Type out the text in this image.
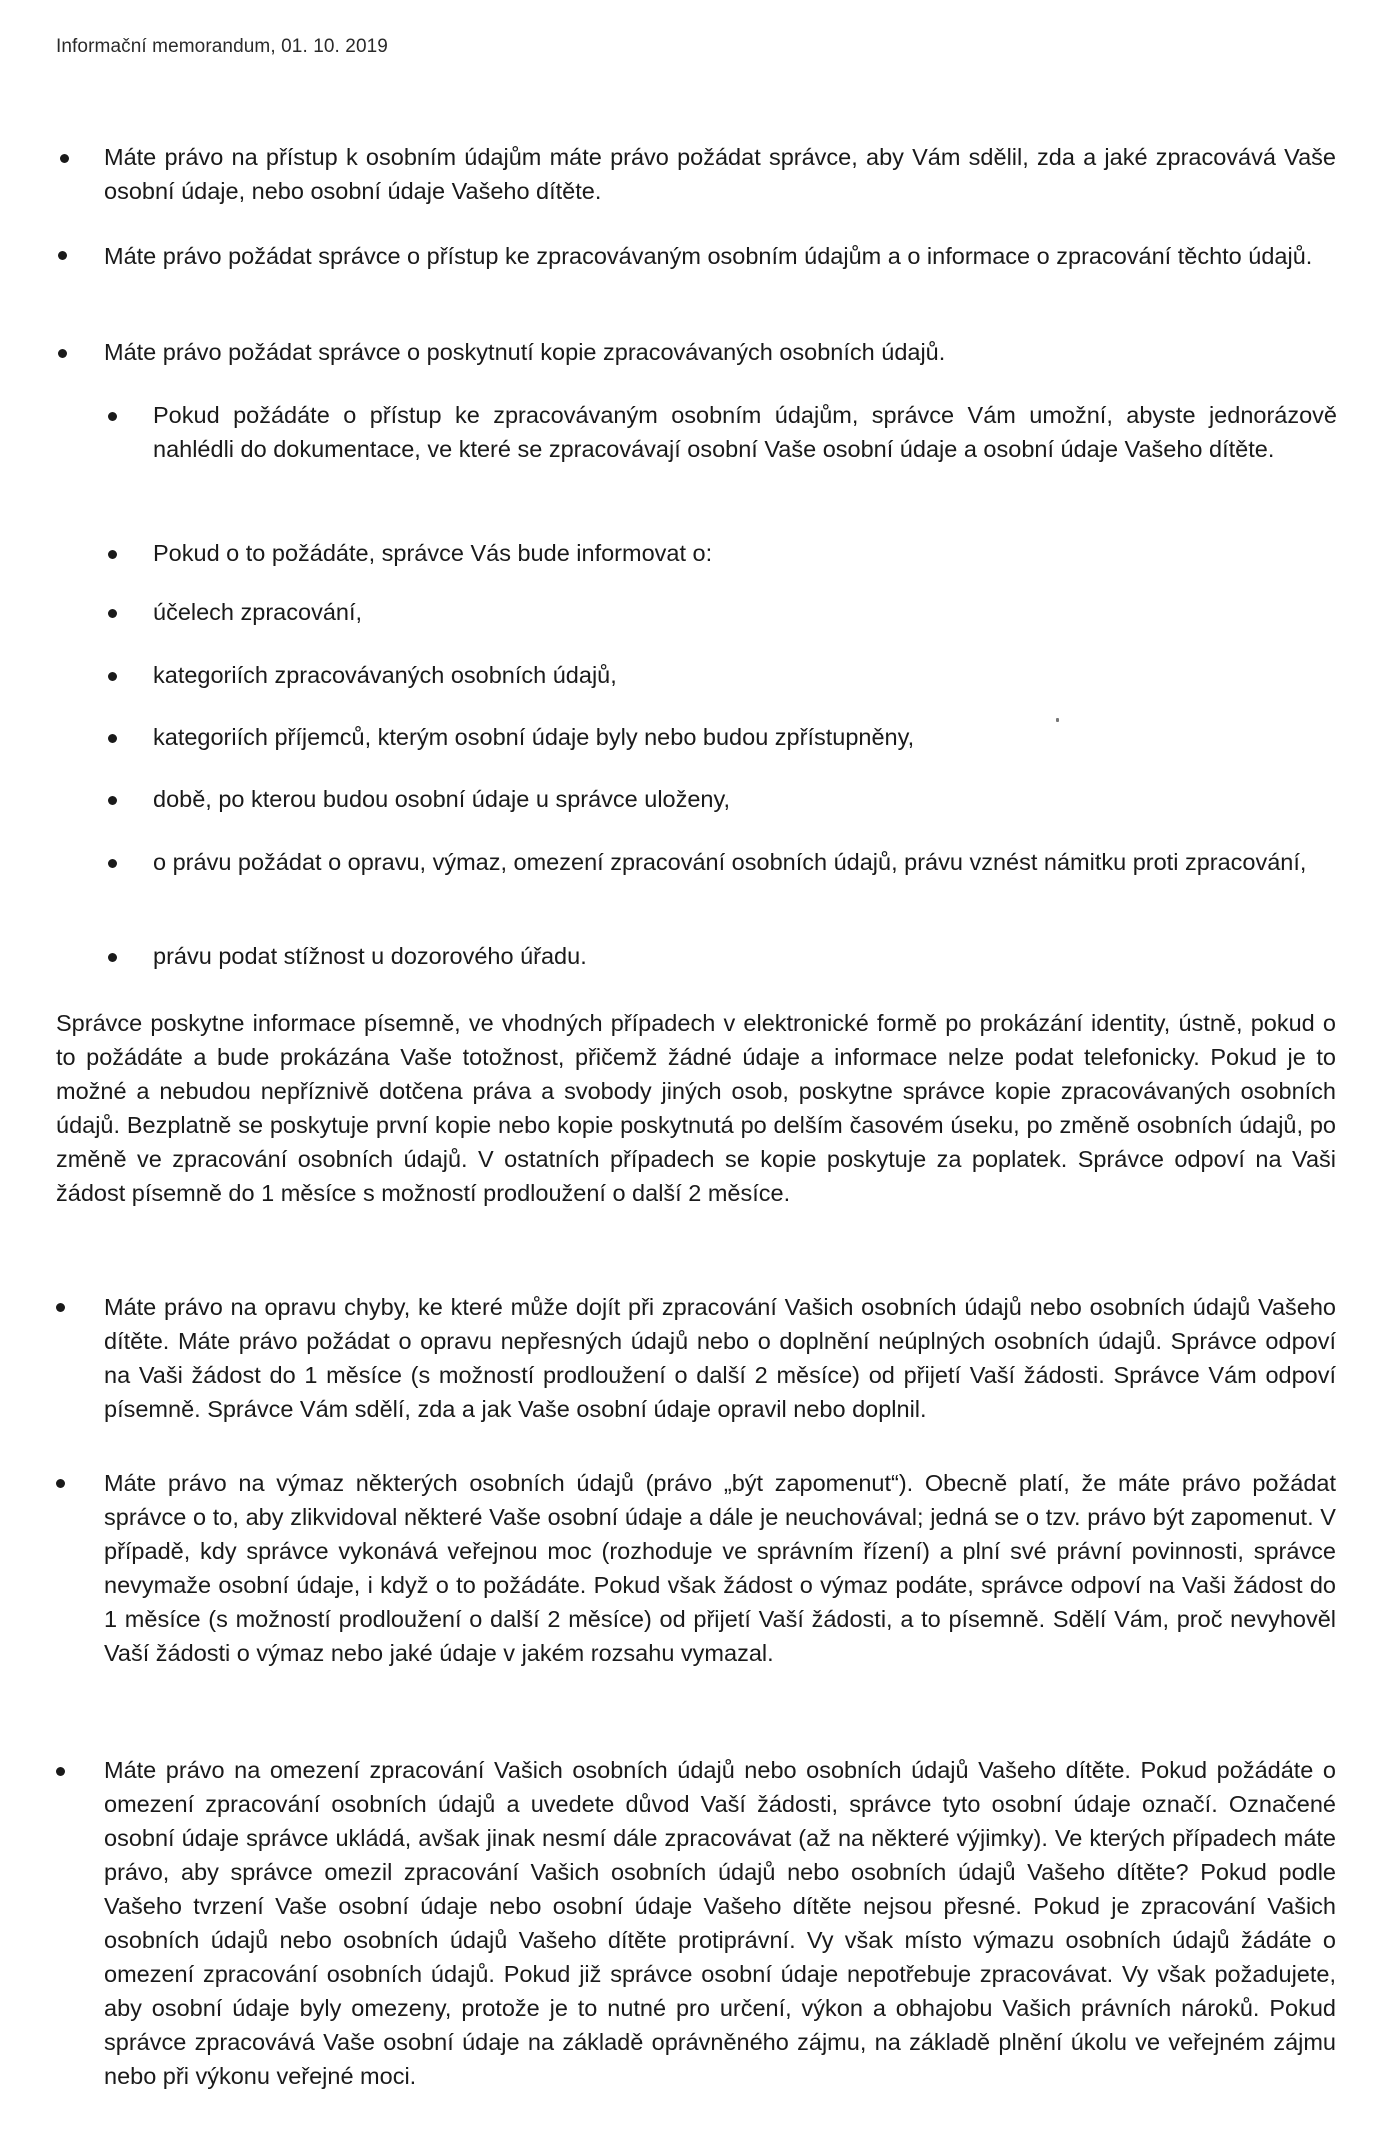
Informační memorandum, 01. 10. 2019
Máte právo na přístup k osobním údajům máte právo požádat správce, aby Vám sdělil, zda a jaké zpracovává Vaše osobní údaje, nebo osobní údaje Vašeho dítěte.
Máte právo požádat správce o přístup ke zpracovávaným osobním údajům a o informace o zpracování těchto údajů.
Máte právo požádat správce o poskytnutí kopie zpracovávaných osobních údajů.
Pokud požádáte o přístup ke zpracovávaným osobním údajům, správce Vám umožní, abyste jednorázově nahlédli do dokumentace, ve které se zpracovávají osobní Vaše osobní údaje a osobní údaje Vašeho dítěte.
Pokud o to požádáte, správce Vás bude informovat o:
účelech zpracování,
kategoriích zpracovávaných osobních údajů,
kategoriích příjemců, kterým osobní údaje byly nebo budou zpřístupněny,
době, po kterou budou osobní údaje u správce uloženy,
o právu požádat o opravu, výmaz, omezení zpracování osobních údajů, právu vznést námitku proti zpracování,
právu podat stížnost u dozorového úřadu.
Správce poskytne informace písemně, ve vhodných případech v elektronické formě po prokázání identity, ústně, pokud o to požádáte a bude prokázána Vaše totožnost, přičemž žádné údaje a informace nelze podat telefonicky. Pokud je to možné a nebudou nepříznivě dotčena práva a svobody jiných osob, poskytne správce kopie zpracovávaných osobních údajů. Bezplatně se poskytuje první kopie nebo kopie poskytnutá po delším časovém úseku, po změně osobních údajů, po změně ve zpracování osobních údajů. V ostatních případech se kopie poskytuje za poplatek. Správce odpoví na Vaši žádost písemně do 1 měsíce s možností prodloužení o další 2 měsíce.
Máte právo na opravu chyby, ke které může dojít při zpracování Vašich osobních údajů nebo osobních údajů Vašeho dítěte. Máte právo požádat o opravu nepřesných údajů nebo o doplnění neúplných osobních údajů. Správce odpoví na Vaši žádost do 1 měsíce (s možností prodloužení o další 2 měsíce) od přijetí Vaší žádosti. Správce Vám odpoví písemně. Správce Vám sdělí, zda a jak Vaše osobní údaje opravil nebo doplnil.
Máte právo na výmaz některých osobních údajů (právo „být zapomenut“). Obecně platí, že máte právo požádat správce o to, aby zlikvidoval některé Vaše osobní údaje a dále je neuchovával; jedná se o tzv. právo být zapomenut. V případě, kdy správce vykonává veřejnou moc (rozhoduje ve správním řízení) a plní své právní povinnosti, správce nevymaže osobní údaje, i když o to požádáte. Pokud však žádost o výmaz podáte, správce odpoví na Vaši žádost do 1 měsíce (s možností prodloužení o další 2 měsíce) od přijetí Vaší žádosti, a to písemně. Sdělí Vám, proč nevyhověl Vaší žádosti o výmaz nebo jaké údaje v jakém rozsahu vymazal.
Máte právo na omezení zpracování Vašich osobních údajů nebo osobních údajů Vašeho dítěte. Pokud požádáte o omezení zpracování osobních údajů a uvedete důvod Vaší žádosti, správce tyto osobní údaje označí. Označené osobní údaje správce ukládá, avšak jinak nesmí dále zpracovávat (až na některé výjimky). Ve kterých případech máte právo, aby správce omezil zpracování Vašich osobních údajů nebo osobních údajů Vašeho dítěte? Pokud podle Vašeho tvrzení Vaše osobní údaje nebo osobní údaje Vašeho dítěte nejsou přesné. Pokud je zpracování Vašich osobních údajů nebo osobních údajů Vašeho dítěte protiprávní. Vy však místo výmazu osobních údajů žádáte o omezení zpracování osobních údajů. Pokud již správce osobní údaje nepotřebuje zpracovávat. Vy však požadujete, aby osobní údaje byly omezeny, protože je to nutné pro určení, výkon a obhajobu Vašich právních nároků. Pokud správce zpracovává Vaše osobní údaje na základě oprávněného zájmu, na základě plnění úkolu ve veřejném zájmu nebo při výkonu veřejné moci.
